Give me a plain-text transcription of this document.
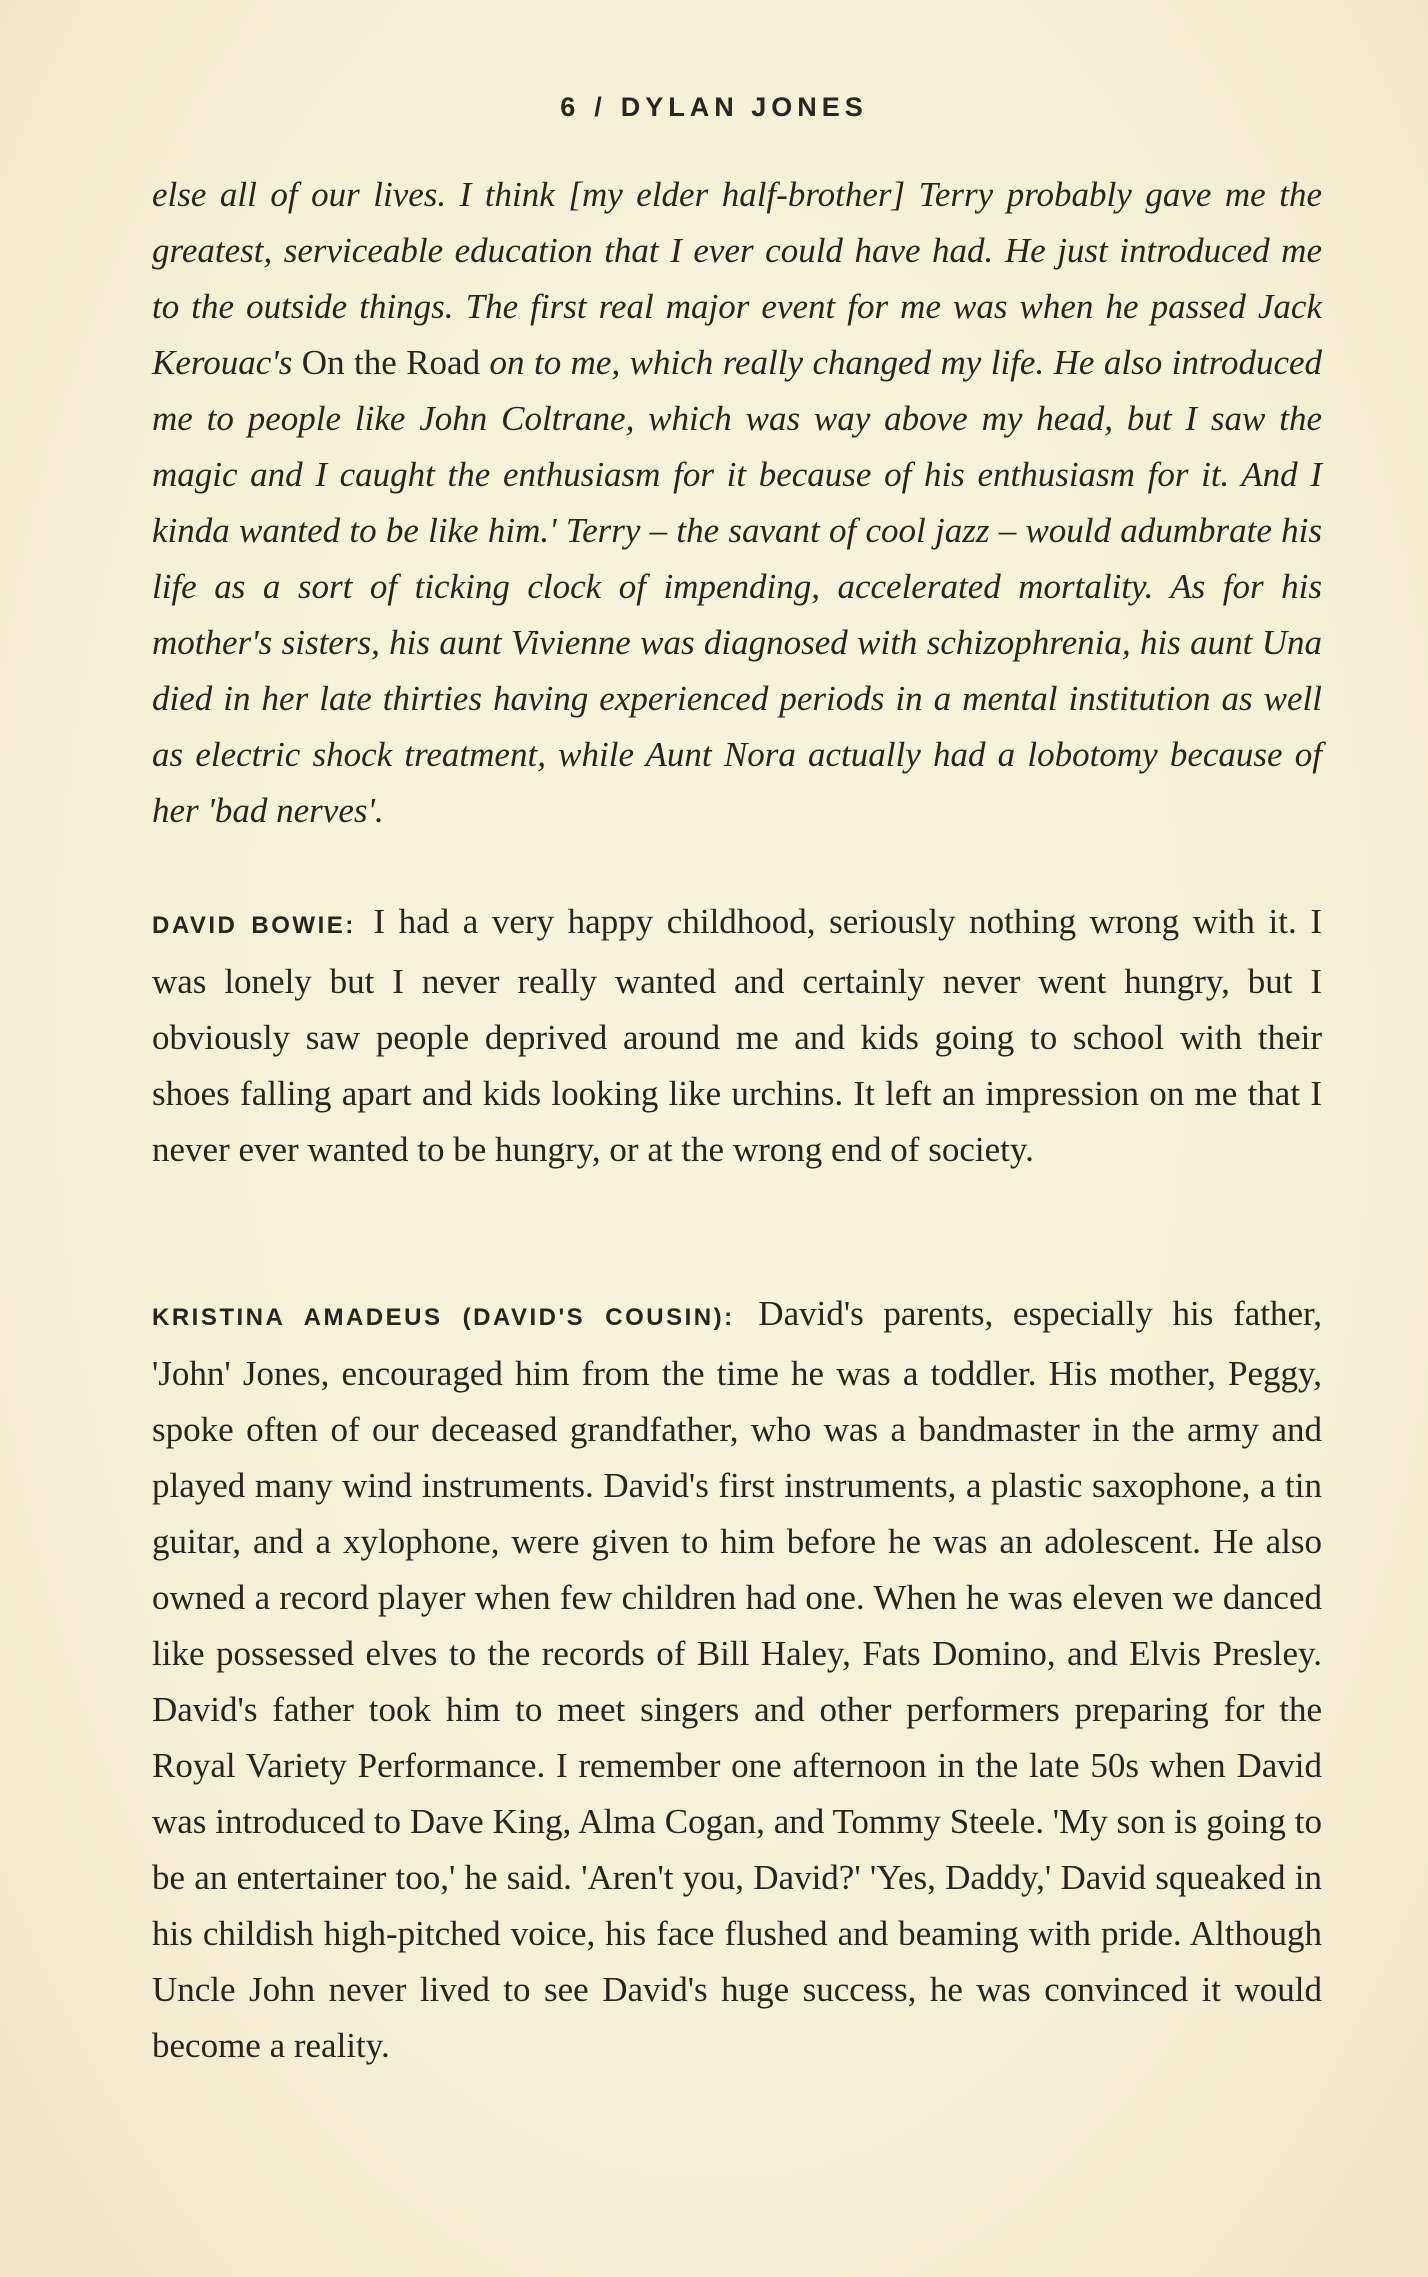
6 / DYLAN JONES
else all of our lives. I think [my elder half-brother] Terry probably gave me the greatest, serviceable education that I ever could have had. He just introduced me to the outside things. The first real major event for me was when he passed Jack Kerouac's On the Road on to me, which really changed my life. He also introduced me to people like John Coltrane, which was way above my head, but I saw the magic and I caught the enthusiasm for it because of his enthusiasm for it. And I kinda wanted to be like him.' Terry – the savant of cool jazz – would adumbrate his life as a sort of ticking clock of impending, accelerated mortality. As for his mother's sisters, his aunt Vivienne was diagnosed with schizophrenia, his aunt Una died in her late thirties having experienced periods in a mental institution as well as electric shock treatment, while Aunt Nora actually had a lobotomy because of her 'bad nerves'.
DAVID BOWIE: I had a very happy childhood, seriously nothing wrong with it. I was lonely but I never really wanted and certainly never went hungry, but I obviously saw people deprived around me and kids going to school with their shoes falling apart and kids looking like urchins. It left an impression on me that I never ever wanted to be hungry, or at the wrong end of society.
KRISTINA AMADEUS (DAVID'S COUSIN): David's parents, especially his father, 'John' Jones, encouraged him from the time he was a toddler. His mother, Peggy, spoke often of our deceased grandfather, who was a bandmaster in the army and played many wind instruments. David's first instruments, a plastic saxophone, a tin guitar, and a xylophone, were given to him before he was an adolescent. He also owned a record player when few children had one. When he was eleven we danced like possessed elves to the records of Bill Haley, Fats Domino, and Elvis Presley. David's father took him to meet singers and other performers preparing for the Royal Variety Performance. I remember one afternoon in the late 50s when David was introduced to Dave King, Alma Cogan, and Tommy Steele. 'My son is going to be an entertainer too,' he said. 'Aren't you, David?' 'Yes, Daddy,' David squeaked in his childish high-pitched voice, his face flushed and beaming with pride. Although Uncle John never lived to see David's huge success, he was convinced it would become a reality.
